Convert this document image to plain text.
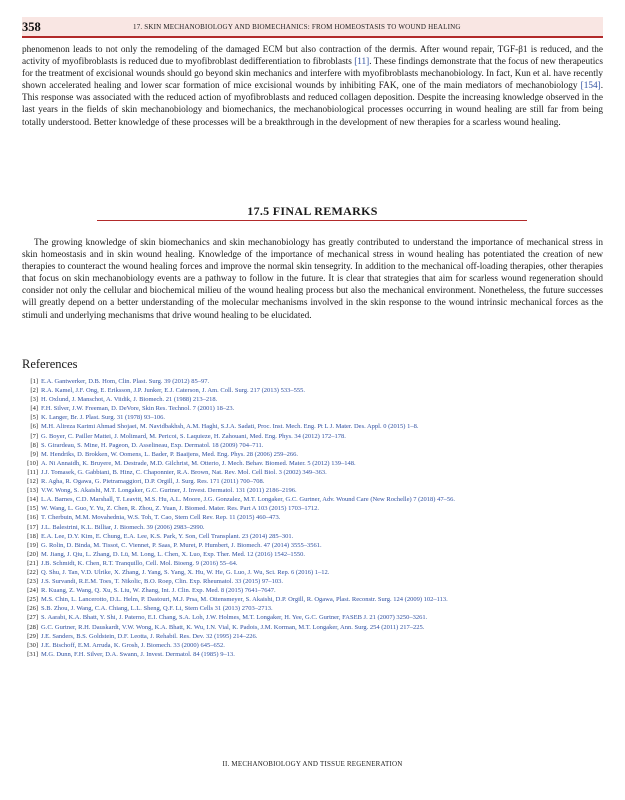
358	17. SKIN MECHANOBIOLOGY AND BIOMECHANICS: FROM HOMEOSTASIS TO WOUND HEALING

phenomenon leads to not only the remodeling of the damaged ECM but also contraction of the dermis. After wound repair, TGF-β1 is reduced, and the activity of myofibroblasts is reduced due to myofibroblast dedifferentiation to fibroblasts [11]. These findings demonstrate that the focus of new therapeutics for the treatment of excisional wounds should go beyond skin mechanics and interfere with myofibroblasts mechanobiology. In fact, Kun et al. have recently shown accelerated healing and lower scar formation of mice excisional wounds by inhibiting FAK, one of the main mediators of mechanobiology [154]. This response was associated with the reduced action of myofibroblasts and reduced collagen deposition. Despite the increasing knowledge observed in the last years in the fields of skin mechanobiology and biomechanics, the mechanobiological processes occurring in wound healing are still far from being totally understood. Better knowledge of these processes will be a breakthrough in the development of new therapies for a scarless wound healing.

17.5 FINAL REMARKS

The growing knowledge of skin biomechanics and skin mechanobiology has greatly contributed to understand the importance of mechanical stress in skin homeostasis and in skin wound healing. Knowledge of the importance of mechanical stress in wound healing has potentiated the creation of new therapies to counteract the wound healing forces and improve the normal skin tensegrity. In addition to the mechanical off-loading therapies, other therapies that focus on skin mechanobiology events are a pathway to follow in the future. It is clear that strategies that aim for scarless wound regeneration should consider not only the cellular and biochemical milieu of the wound healing process but also the mechanical environment. Nonetheless, the future successes will greatly depend on a better understanding of the molecular mechanisms involved in the skin response to the wound intrinsic mechanical forces as the stimuli and underlying mechanisms that drive wound healing to be elucidated.

References
[1] E.A. Gantwerker, D.B. Hom, Clin. Plast. Surg. 39 (2012) 85–97.
[2] R.A. Kamel, J.F. Ong, E. Eriksson, J.P. Junker, E.J. Caterson, J. Am. Coll. Surg. 217 (2013) 533–555.
[3] H. Oxlund, J. Manschot, A. Viidik, J. Biomech. 21 (1988) 213–218.
[4] F.H. Silver, J.W. Freeman, D. DeVore, Skin Res. Technol. 7 (2001) 18–23.
[5] K. Langer, Br. J. Plast. Surg. 31 (1978) 93–106.
[6] M.H. Alireza Karimi Ahmad Shojaei, M. Navidbakhsh, A.M. Haghi, S.J.A. Sadati, Proc. Inst. Mech. Eng. Pt L J. Mater. Des. Appl. 0 (2015) 1–8.
[7] G. Boyer, C. Pailler Mattei, J. Molimard, M. Pericoi, S. Laquieze, H. Zahouani, Med. Eng. Phys. 34 (2012) 172–178.
[8] S. Girardeau, S. Mine, H. Pageon, D. Asselineau, Exp. Dermatol. 18 (2009) 704–711.
[9] M. Hendriks, D. Brokken, W. Oomens, L. Bader, P. Baaijens, Med. Eng. Phys. 28 (2006) 259–266.
[10] A. Ni Annaidh, K. Bruyere, M. Destrade, M.D. Gilchrist, M. Otterio, J. Mech. Behav. Biomed. Mater. 5 (2012) 139–148.
[11] J.J. Tomasek, G. Gabbiani, B. Hinz, C. Chaponnier, R.A. Brown, Nat. Rev. Mol. Cell Biol. 3 (2002) 349–363.
[12] R. Agha, R. Ogawa, G. Pietramaggiori, D.P. Orgill, J. Surg. Res. 171 (2011) 700–708.
[13] V.W. Wong, S. Akaishi, M.T. Longaker, G.C. Gurtner, J. Invest. Dermatol. 131 (2011) 2186–2196.
[14] L.A. Barnes, C.D. Marshall, T. Leavitt, M.S. Hu, A.L. Moore, J.G. Gonzalez, M.T. Longaker, G.C. Gurtner, Adv. Wound Care (New Rochelle) 7 (2018) 47–56.
[15] W. Wang, L. Guo, Y. Yu, Z. Chen, R. Zhou, Z. Yuan, J. Biomed. Mater. Res. Part A 103 (2015) 1703–1712.
[16] T. Cherbuin, M.M. Movahednia, W.S. Toh, T. Cao, Stem Cell Rev. Rep. 11 (2015) 460–473.
[17] J.L. Balestrini, K.L. Billiar, J. Biomech. 39 (2006) 2983–2990.
[18] E.A. Lee, D.Y. Kim, E. Chung, E.A. Lee, K.S. Park, Y. Son, Cell Transplant. 23 (2014) 285–301.
[19] G. Rolin, D. Binda, M. Tissot, C. Viennet, P. Saas, P. Muret, P. Humbert, J. Biomech. 47 (2014) 3555–3561.
[20] M. Jiang, J. Qiu, L. Zhang, D. Lü, M. Long, L. Chen, X. Luo, Exp. Ther. Med. 12 (2016) 1542–1550.
[21] J.B. Schmidt, K. Chen, R.T. Tranquillo, Cell. Mol. Bioeng. 9 (2016) 55–64.
[22] Q. Shu, J. Tan, V.D. Ulrike, X. Zhang, J. Yang, S. Yang, X. Hu, W. He, G. Luo, J. Wu, Sci. Rep. 6 (2016) 1–12.
[23] J.S. Survandi, R.E.M. Toes, T. Nikolic, B.O. Roep, Clin. Exp. Rheumatol. 33 (2015) 97–103.
[24] R. Kuang, Z. Wang, Q. Xu, S. Liu, W. Zhang, Int. J. Clin. Exp. Med. 8 (2015) 7641–7647.
[25] M.S. Chin, L. Lancerotto, D.L. Helm, P. Dastouri, M.J. Prsa, M. Ottensmeyer, S. Akaishi, D.P. Orgill, R. Ogawa, Plast. Reconstr. Surg. 124 (2009) 102–113.
[26] S.B. Zhou, J. Wang, C.A. Chiang, L.L. Sheng, Q.F. Li, Stem Cells 31 (2013) 2703–2713.
[27] S. Aarabi, K.A. Bhatt, Y. Shi, J. Paterno, E.I. Chang, S.A. Loh, J.W. Holmes, M.T. Longaker, H. Yee, G.C. Gurtner, FASEB J. 21 (2007) 3250–3261.
[28] G.C. Gurtner, R.H. Dauskardt, V.W. Wong, K.A. Bhatt, K. Wu, I.N. Vial, K. Padois, J.M. Korman, M.T. Longaker, Ann. Surg. 254 (2011) 217–225.
[29] J.E. Sanders, B.S. Goldstein, D.F. Leotta, J. Rehabil. Res. Dev. 32 (1995) 214–226.
[30] J.E. Bischoff, E.M. Arruda, K. Grosh, J. Biomech. 33 (2000) 645–652.
[31] M.G. Dunn, F.H. Silver, D.A. Swann, J. Invest. Dermatol. 84 (1985) 9–13.
II. MECHANOBIOLOGY AND TISSUE REGENERATION
